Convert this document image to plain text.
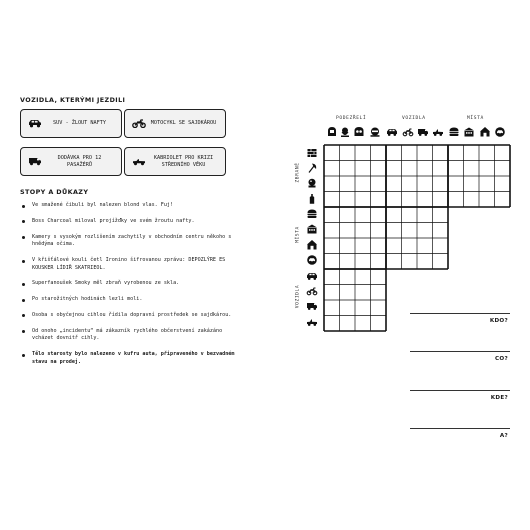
VOZIDLA, KTERÝMI JEZDILI
SUV - ŽLOUT NAFTY	MOTOCYKL SE SAJDKÁROU
DODÁVKA PRO 12 PASAŽÉRŮ
KABRIOLET PRO KRIZI STŘEDNÍHO VĚKU
STOPY A DŮKAZY
Ve smažené čibuli byl nalezen blond vlas. Fuj!
Boss Charcoal miloval projížďky ve svém žroutu nafty.
Kamery s vysokým rozlišením zachytily v obchodním centru někoho s hnědýma očima.
V křišťálové kouli četl Ironino šifrovanou zprávu: DEPOZLÝRE ES KOUSKER LÍDIŘ SKATRIEOL.
Superfanoušek Smoky měl zbraň vyrobenou ze skla.
Po starožitných hodinách lezli moli.
Osoba s obyčejnou cihlou řídila dopravní prostředek se sajdkárou.
Od onoho „incidentu“ má zákazník rychlého občerstvení zakázáno vcházet dovnitř cihly.
Tělo starosty bylo nalezeno v kufru auta, připraveného v bezvadném stavu na prodej.
PODEZŘELÍ	VOZIDLA	MÍSTA
ZBRANĚ
MÍSTA
VOZIDLA
KDO?
CO?
KDE?
A?
